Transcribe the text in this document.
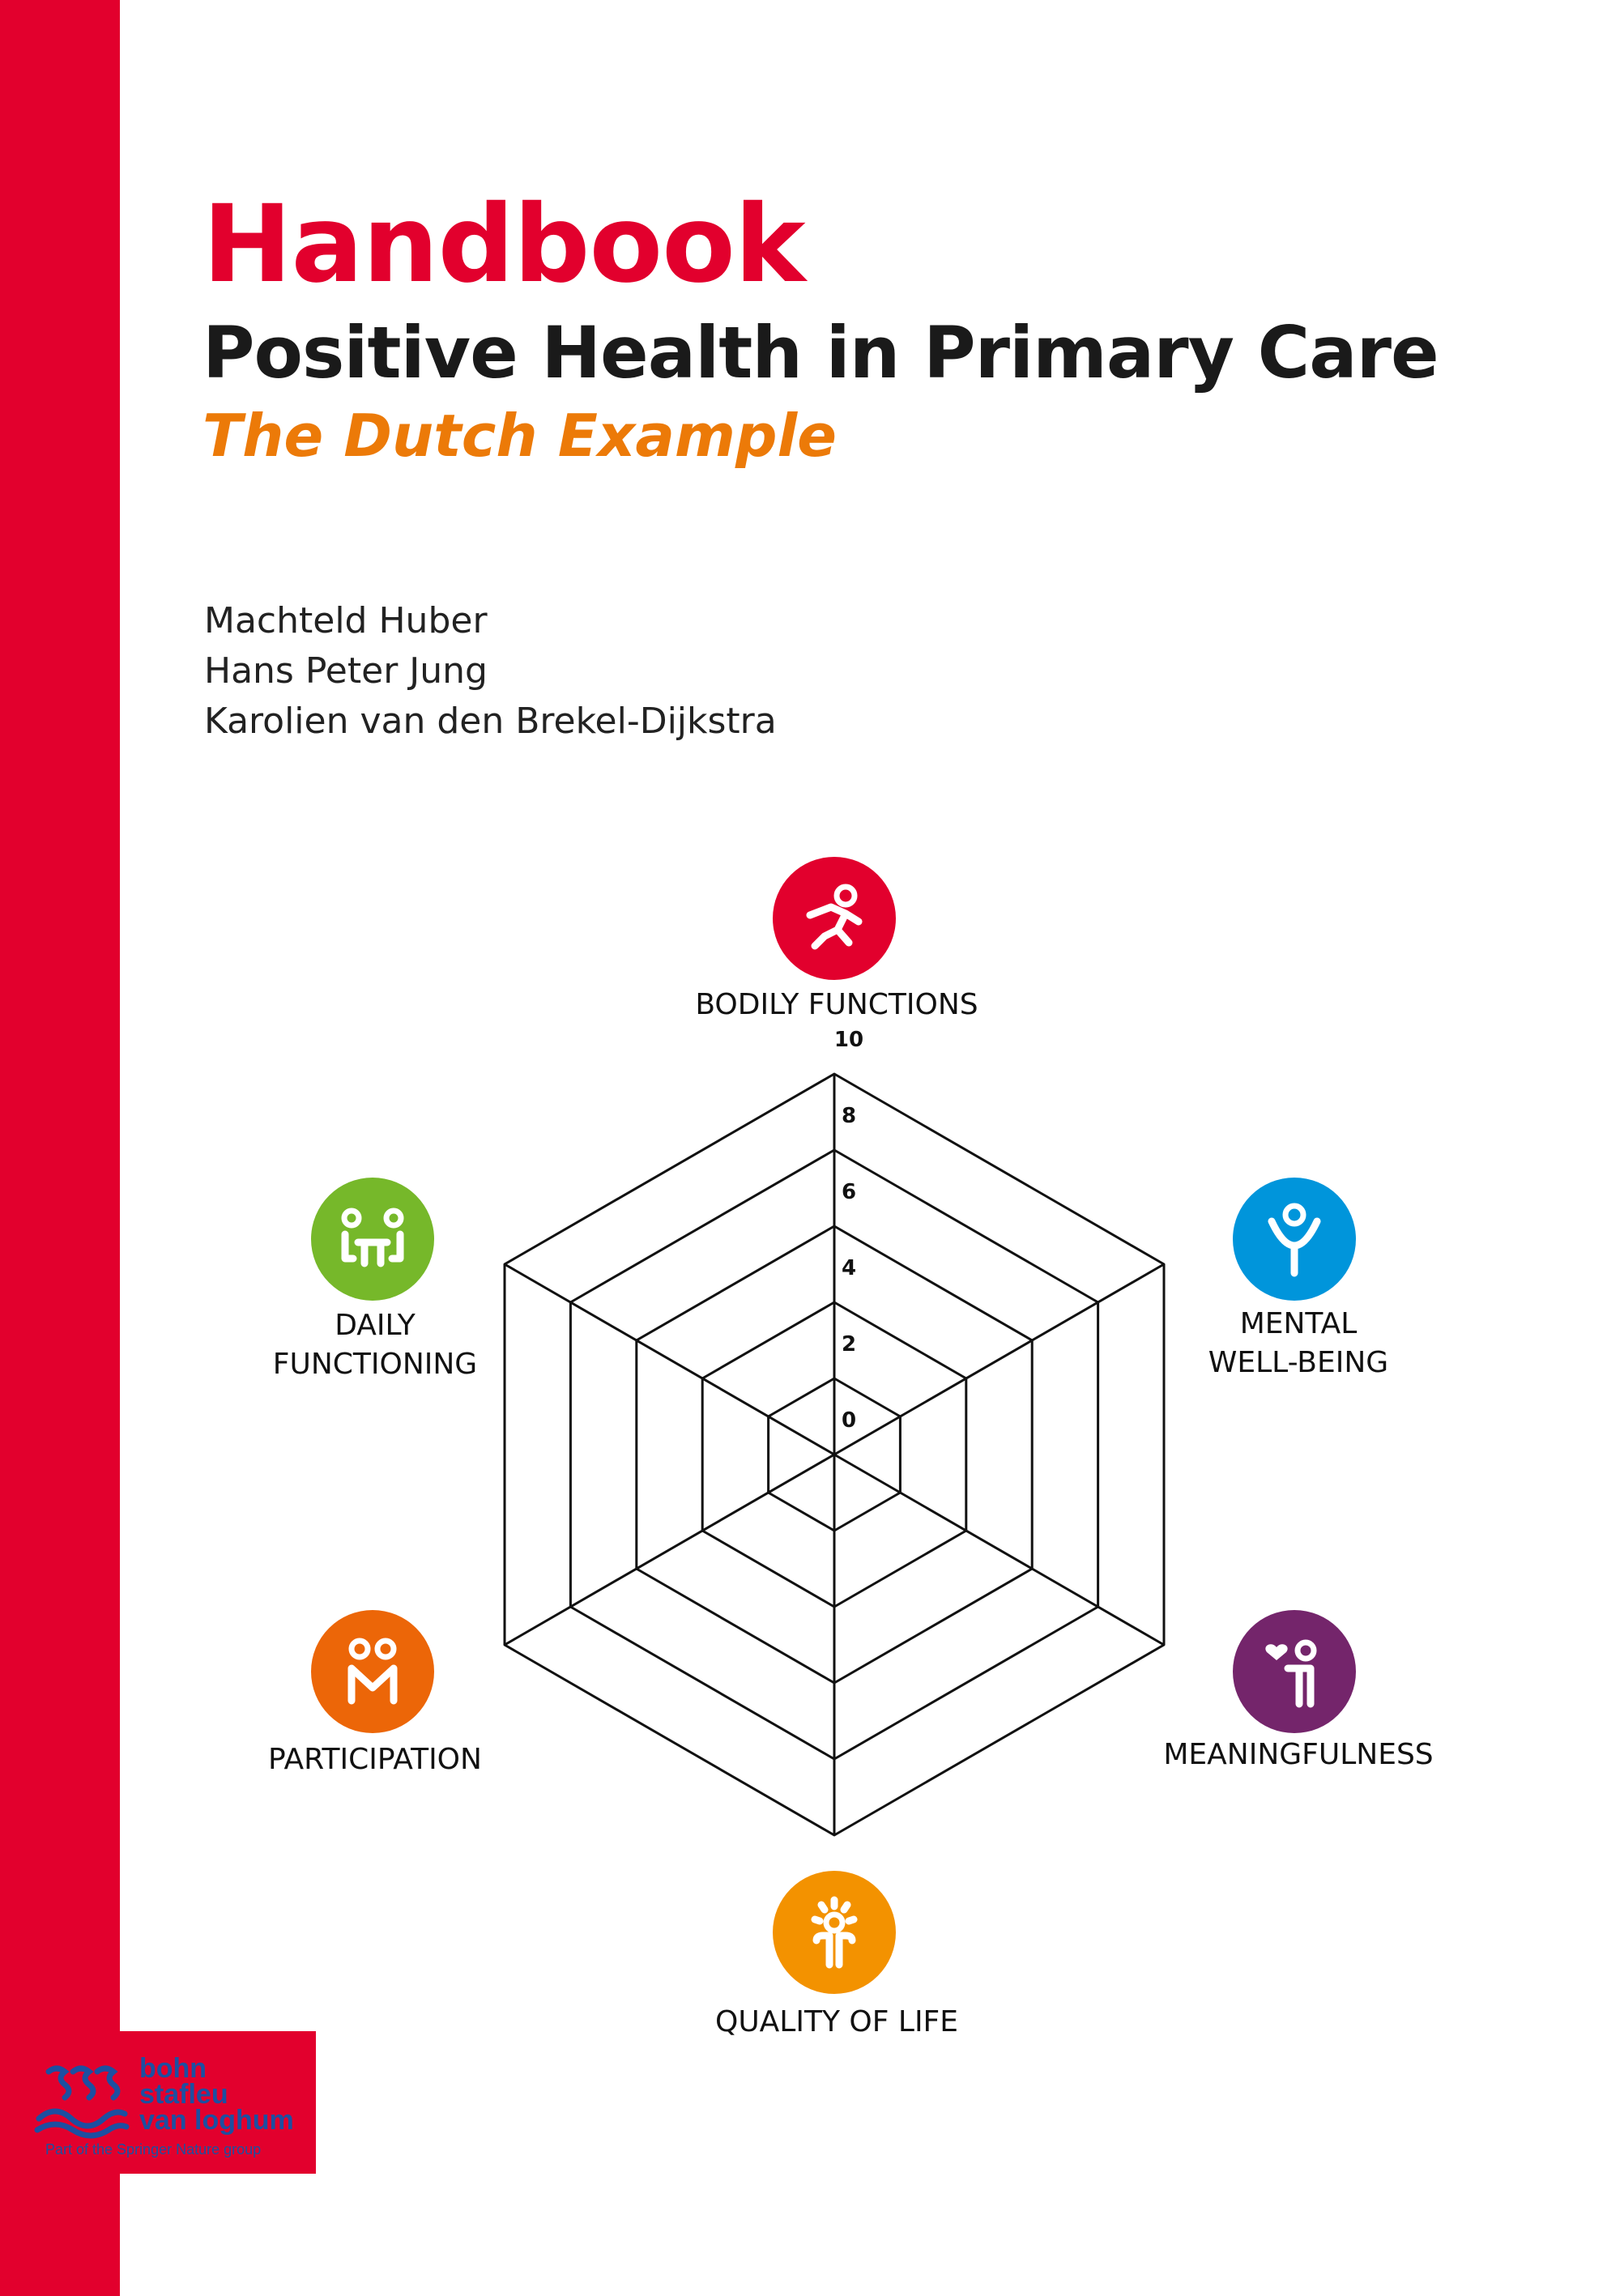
Handbook
Positive Health in Primary Care
The Dutch Example
Machteld Huber
Hans Peter Jung
Karolien van den Brekel-Dijkstra
0
2
4
6
8
10
BODILY FUNCTIONS
MENTAL
WELL-BEING
MEANINGFULNESS
QUALITY OF LIFE
PARTICIPATION
DAILY
FUNCTIONING
bohn
stafleu
van loghum
Part of the Springer Nature group
